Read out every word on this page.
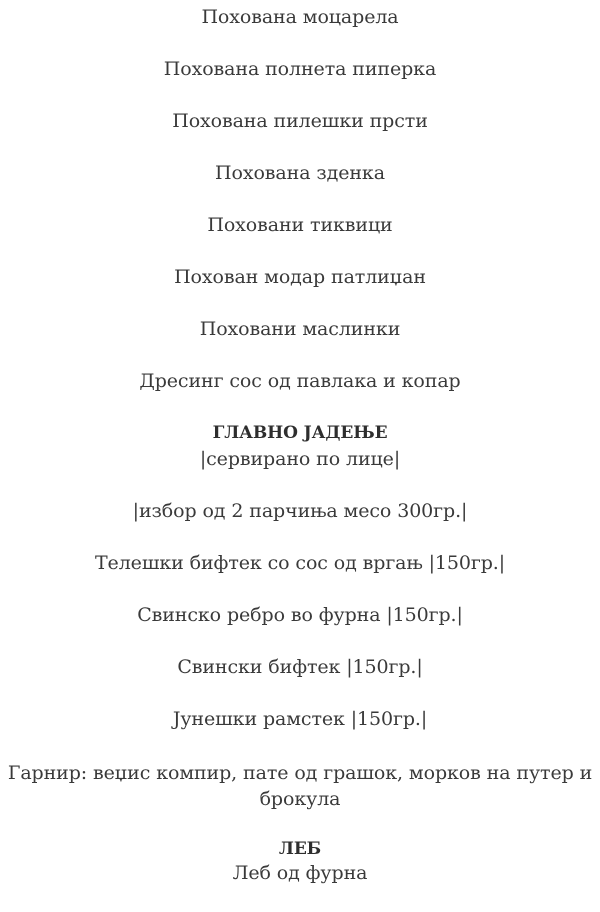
Похована моцарела
Похована полнета пиперка
Похована пилешки прсти
Похована зденка
Поховани тиквици
Похован модар патлиџан
Поховани маслинки
Дресинг сос од павлака и копар
ГЛАВНО ЈАДЕЊЕ
|сервирано по лице|
|избор од 2 парчиња месо 300гр.|
Телешки бифтек со сос од вргањ |150гр.|
Свинско ребро во фурна |150гр.|
Свински бифтек |150гр.|
Јунешки рамстек |150гр.|
Гарнир: веџис компир, пате од грашок, морков на путер и
брокула
ЛЕБ
Леб од фурна
